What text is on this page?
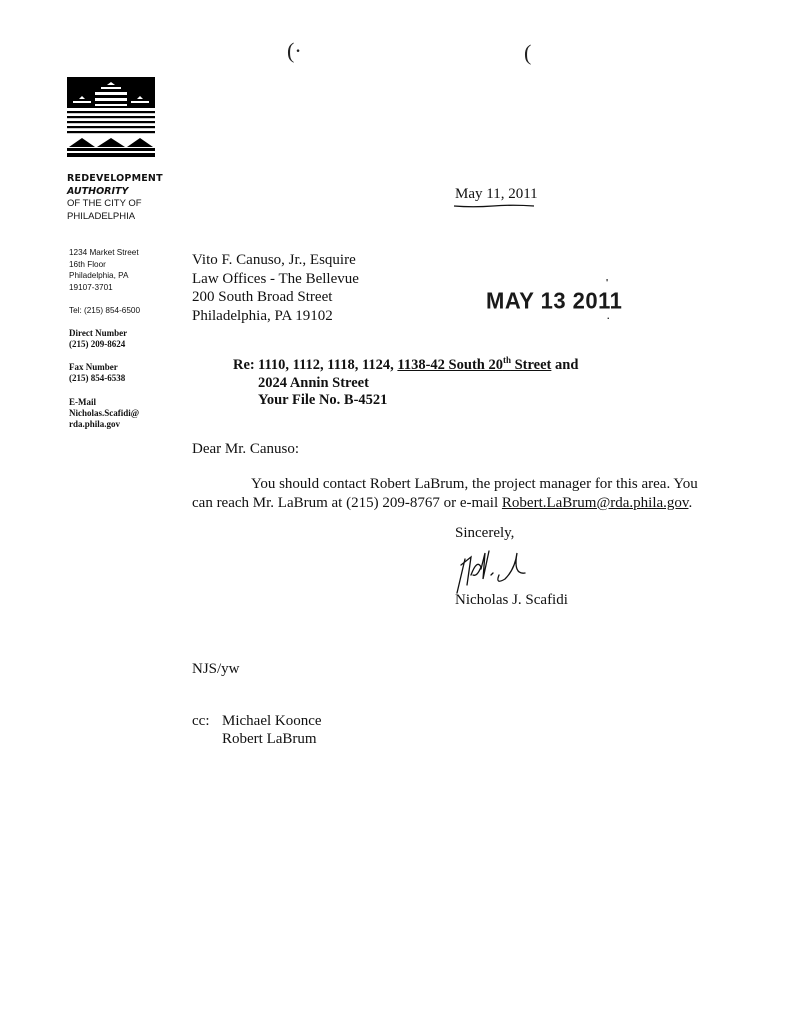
(·	(
REDEVELOPMENT
AUTHORITY
OF THE CITY OF
PHILADELPHIA
1234 Market Street
16th Floor
Philadelphia, PA
19107-3701
Tel: (215) 854-6500
Direct Number
(215) 209-8624
Fax Number
(215) 854-6538
E-Mail
Nicholas.Scafidi@
rda.phila.gov
May 11, 2011
Vito F. Canuso, Jr., Esquire
Law Offices - The Bellevue
200 South Broad Street
Philadelphia, PA 19102
MAY 13 2011
'
.
Re: 1110, 1112, 1118, 1124, 1138-42 South 20th Street and
2024 Annin Street
Your File No. B-4521
Dear Mr. Canuso:
You should contact Robert LaBrum, the project manager for this area. You
can reach Mr. LaBrum at (215) 209-8767 or e-mail Robert.LaBrum@rda.phila.gov.
Sincerely,
Nicholas J. Scafidi
NJS/yw
cc: Michael Koonce
Robert LaBrum
